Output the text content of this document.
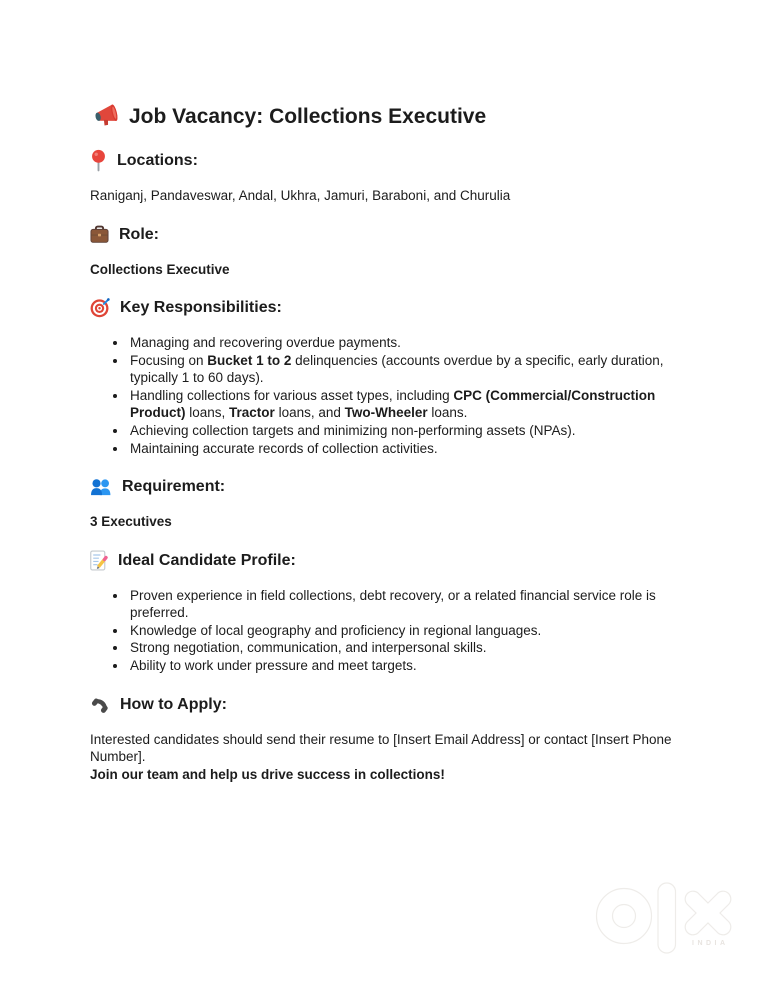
Job Vacancy: Collections Executive
Locations:
Raniganj, Pandaveswar, Andal, Ukhra, Jamuri, Baraboni, and Churulia
Role:
Collections Executive
Key Responsibilities:
• Managing and recovering overdue payments.
• Focusing on Bucket 1 to 2 delinquencies (accounts overdue by a specific, early duration, typically 1 to 60 days).
• Handling collections for various asset types, including CPC (Commercial/Construction Product) loans, Tractor loans, and Two-Wheeler loans.
• Achieving collection targets and minimizing non-performing assets (NPAs).
• Maintaining accurate records of collection activities.
Requirement:
3 Executives
Ideal Candidate Profile:
• Proven experience in field collections, debt recovery, or a related financial service role is preferred.
• Knowledge of local geography and proficiency in regional languages.
• Strong negotiation, communication, and interpersonal skills.
• Ability to work under pressure and meet targets.
How to Apply:
Interested candidates should send their resume to [Insert Email Address] or contact [Insert Phone Number].
Join our team and help us drive success in collections!
INDIA
